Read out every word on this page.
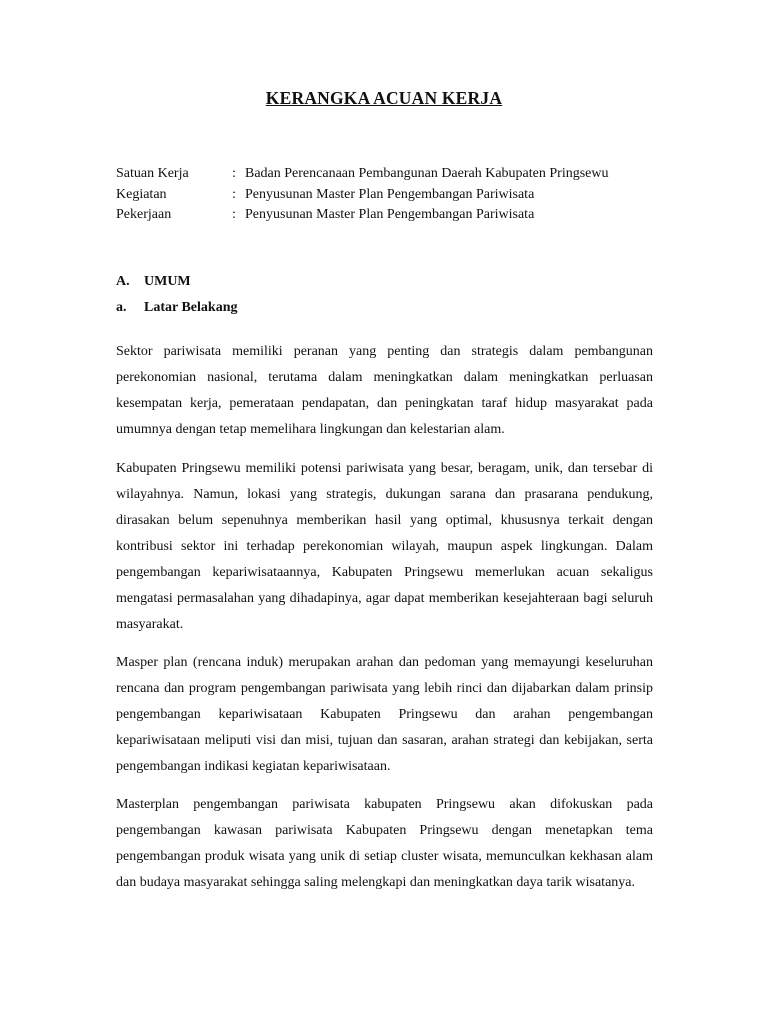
KERANGKA ACUAN KERJA
Satuan Kerja	: Badan Perencanaan Pembangunan Daerah Kabupaten Pringsewu
Kegiatan	: Penyusunan Master Plan Pengembangan Pariwisata
Pekerjaan	: Penyusunan Master Plan Pengembangan Pariwisata
A.	UMUM
a.	Latar Belakang

Sektor pariwisata memiliki peranan yang penting dan strategis dalam pembangunan perekonomian nasional, terutama dalam meningkatkan dalam meningkatkan perluasan kesempatan kerja, pemerataan pendapatan, dan peningkatan taraf hidup masyarakat pada umumnya dengan tetap memelihara lingkungan dan kelestarian alam.

Kabupaten Pringsewu memiliki potensi pariwisata yang besar, beragam, unik, dan tersebar di wilayahnya. Namun, lokasi yang strategis, dukungan sarana dan prasarana pendukung, dirasakan belum sepenuhnya memberikan hasil yang optimal, khususnya terkait dengan kontribusi sektor ini terhadap perekonomian wilayah, maupun aspek lingkungan. Dalam pengembangan kepariwisataannya, Kabupaten Pringsewu memerlukan acuan sekaligus mengatasi permasalahan yang dihadapinya, agar dapat memberikan kesejahteraan bagi seluruh masyarakat.

Masper plan (rencana induk) merupakan arahan dan pedoman yang memayungi keseluruhan rencana dan program pengembangan pariwisata yang lebih rinci dan dijabarkan dalam prinsip pengembangan kepariwisataan Kabupaten Pringsewu dan arahan pengembangan kepariwisataan meliputi visi dan misi, tujuan dan sasaran, arahan strategi dan kebijakan, serta pengembangan indikasi kegiatan kepariwisataan.

Masterplan pengembangan pariwisata kabupaten Pringsewu akan difokuskan pada pengembangan kawasan pariwisata Kabupaten Pringsewu dengan menetapkan tema pengembangan produk wisata yang unik di setiap cluster wisata, memunculkan kekhasan alam dan budaya masyarakat sehingga saling melengkapi dan meningkatkan daya tarik wisatanya.
